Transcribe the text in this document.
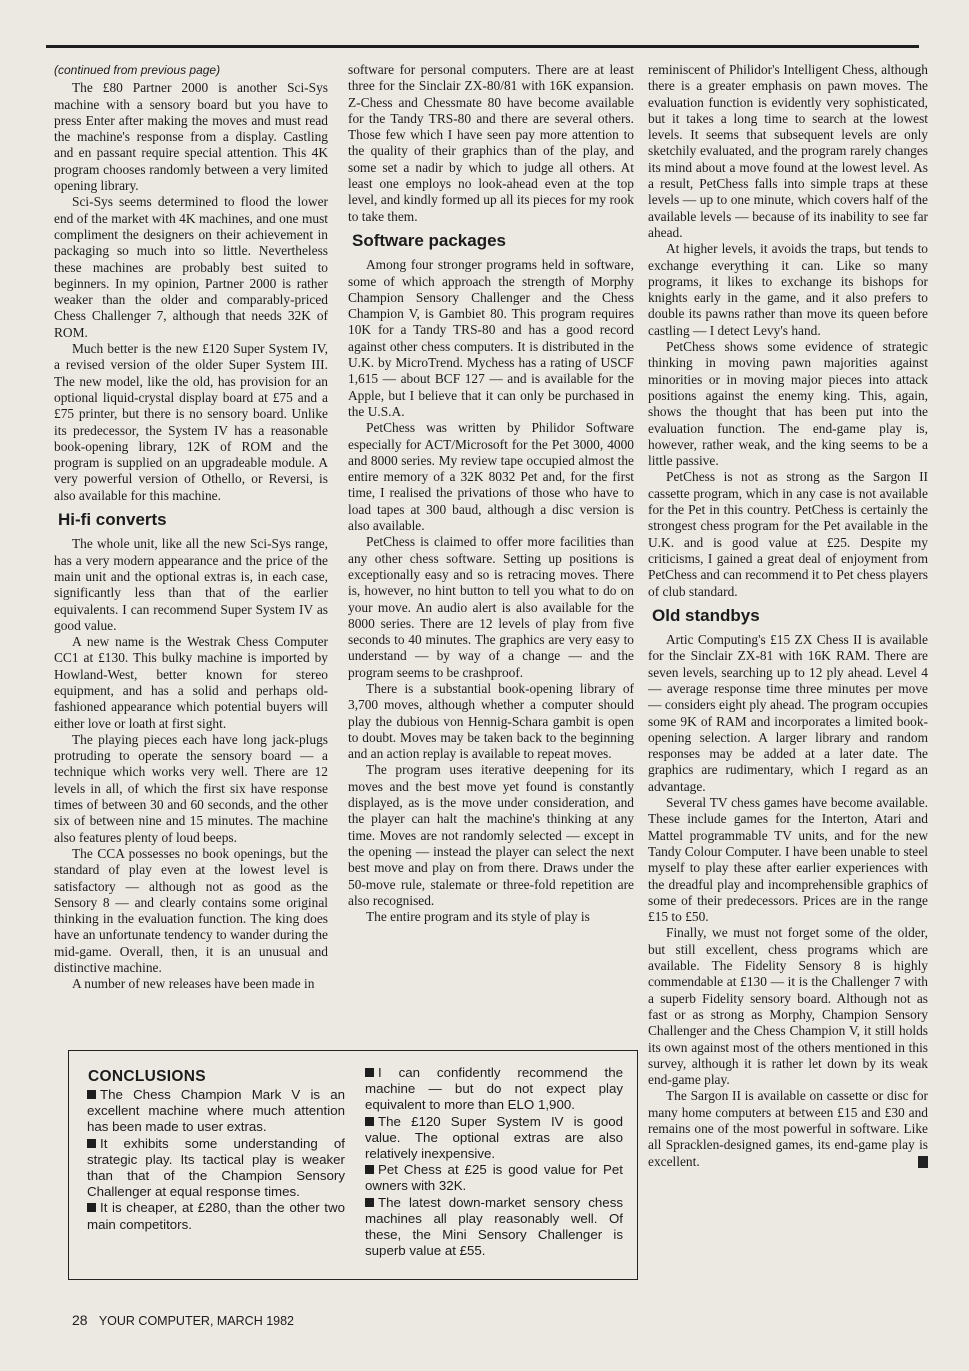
(continued from previous page)

The £80 Partner 2000 is another Sci-Sys machine with a sensory board but you have to press Enter after making the moves and must read the machine's response from a display. Castling and en passant require special attention. This 4K program chooses randomly between a very limited opening library.

Sci-Sys seems determined to flood the lower end of the market with 4K machines, and one must compliment the designers on their achievement in packaging so much into so little. Nevertheless these machines are probably best suited to beginners. In my opinion, Partner 2000 is rather weaker than the older and comparably-priced Chess Challenger 7, although that needs 32K of ROM.

Much better is the new £120 Super System IV, a revised version of the older Super System III. The new model, like the old, has provision for an optional liquid-crystal display board at £75 and a £75 printer, but there is no sensory board. Unlike its predecessor, the System IV has a reasonable book-opening library, 12K of ROM and the program is supplied on an upgradeable module. A very powerful version of Othello, or Reversi, is also available for this machine.

Hi-fi converts

The whole unit, like all the new Sci-Sys range, has a very modern appearance and the price of the main unit and the optional extras is, in each case, significantly less than that of the earlier equivalents. I can recommend Super System IV as good value.

A new name is the Westrak Chess Computer CC1 at £130. This bulky machine is imported by Howland-West, better known for stereo equipment, and has a solid and perhaps old-fashioned appearance which potential buyers will either love or loath at first sight.

The playing pieces each have long jack-plugs protruding to operate the sensory board — a technique which works very well. There are 12 levels in all, of which the first six have response times of between 30 and 60 seconds, and the other six of between nine and 15 minutes. The machine also features plenty of loud beeps.

The CCA possesses no book openings, but the standard of play even at the lowest level is satisfactory — although not as good as the Sensory 8 — and clearly contains some original thinking in the evaluation function. The king does have an unfortunate tendency to wander during the mid-game. Overall, then, it is an unusual and distinctive machine.

A number of new releases have been made in

software for personal computers. There are at least three for the Sinclair ZX-80/81 with 16K expansion. Z-Chess and Chessmate 80 have become available for the Tandy TRS-80 and there are several others. Those few which I have seen pay more attention to the quality of their graphics than of the play, and some set a nadir by which to judge all others. At least one employs no look-ahead even at the top level, and kindly formed up all its pieces for my rook to take them.

Software packages

Among four stronger programs held in software, some of which approach the strength of Morphy Champion Sensory Challenger and the Chess Champion V, is Gambiet 80. This program requires 10K for a Tandy TRS-80 and has a good record against other chess computers. It is distributed in the U.K. by MicroTrend. Mychess has a rating of USCF 1,615 — about BCF 127 — and is available for the Apple, but I believe that it can only be purchased in the U.S.A.

PetChess was written by Philidor Software especially for ACT/Microsoft for the Pet 3000, 4000 and 8000 series. My review tape occupied almost the entire memory of a 32K 8032 Pet and, for the first time, I realised the privations of those who have to load tapes at 300 baud, although a disc version is also available.

PetChess is claimed to offer more facilities than any other chess software. Setting up positions is exceptionally easy and so is retracing moves. There is, however, no hint button to tell you what to do on your move. An audio alert is also available for the 8000 series. There are 12 levels of play from five seconds to 40 minutes. The graphics are very easy to understand — by way of a change — and the program seems to be crashproof.

There is a substantial book-opening library of 3,700 moves, although whether a computer should play the dubious von Hennig-Schara gambit is open to doubt. Moves may be taken back to the beginning and an action replay is available to repeat moves.

The program uses iterative deepening for its moves and the best move yet found is constantly displayed, as is the move under consideration, and the player can halt the machine's thinking at any time. Moves are not randomly selected — except in the opening — instead the player can select the next best move and play on from there. Draws under the 50-move rule, stalemate or three-fold repetition are also recognised.

The entire program and its style of play is

reminiscent of Philidor's Intelligent Chess, although there is a greater emphasis on pawn moves. The evaluation function is evidently very sophisticated, but it takes a long time to search at the lowest levels. It seems that subsequent levels are only sketchily evaluated, and the program rarely changes its mind about a move found at the lowest level. As a result, PetChess falls into simple traps at these levels — up to one minute, which covers half of the available levels — because of its inability to see far ahead.

At higher levels, it avoids the traps, but tends to exchange everything it can. Like so many programs, it likes to exchange its bishops for knights early in the game, and it also prefers to double its pawns rather than move its queen before castling — I detect Levy's hand.

PetChess shows some evidence of strategic thinking in moving pawn majorities against minorities or in moving major pieces into attack positions against the enemy king. This, again, shows the thought that has been put into the evaluation function. The end-game play is, however, rather weak, and the king seems to be a little passive.

PetChess is not as strong as the Sargon II cassette program, which in any case is not available for the Pet in this country. PetChess is certainly the strongest chess program for the Pet available in the U.K. and is good value at £25. Despite my criticisms, I gained a great deal of enjoyment from PetChess and can recommend it to Pet chess players of club standard.

Old standbys

Artic Computing's £15 ZX Chess II is available for the Sinclair ZX-81 with 16K RAM. There are seven levels, searching up to 12 ply ahead. Level 4 — average response time three minutes per move — considers eight ply ahead. The program occupies some 9K of RAM and incorporates a limited book-opening selection. A larger library and random responses may be added at a later date. The graphics are rudimentary, which I regard as an advantage.

Several TV chess games have become available. These include games for the Interton, Atari and Mattel programmable TV units, and for the new Tandy Colour Computer. I have been unable to steel myself to play these after earlier experiences with the dreadful play and incomprehensible graphics of some of their predecessors. Prices are in the range £15 to £50.

Finally, we must not forget some of the older, but still excellent, chess programs which are available. The Fidelity Sensory 8 is highly commendable at £130 — it is the Challenger 7 with a superb Fidelity sensory board. Although not as fast or as strong as Morphy, Champion Sensory Challenger and the Chess Champion V, it still holds its own against most of the others mentioned in this survey, although it is rather let down by its weak end-game play.

The Sargon II is available on cassette or disc for many home computers at between £15 and £30 and remains one of the most powerful in software. Like all Spracklen-designed games, its end-game play is excellent.

CONCLUSIONS
The Chess Champion Mark V is an excellent machine where much attention has been made to user extras.
It exhibits some understanding of strategic play. Its tactical play is weaker than that of the Champion Sensory Challenger at equal response times.
It is cheaper, at £280, than the other two main competitors.
I can confidently recommend the machine — but do not expect play equivalent to more than ELO 1,900.
The £120 Super System IV is good value. The optional extras are also relatively inexpensive.
Pet Chess at £25 is good value for Pet owners with 32K.
The latest down-market sensory chess machines all play reasonably well. Of these, the Mini Sensory Challenger is superb value at £55.
28 YOUR COMPUTER, MARCH 1982
